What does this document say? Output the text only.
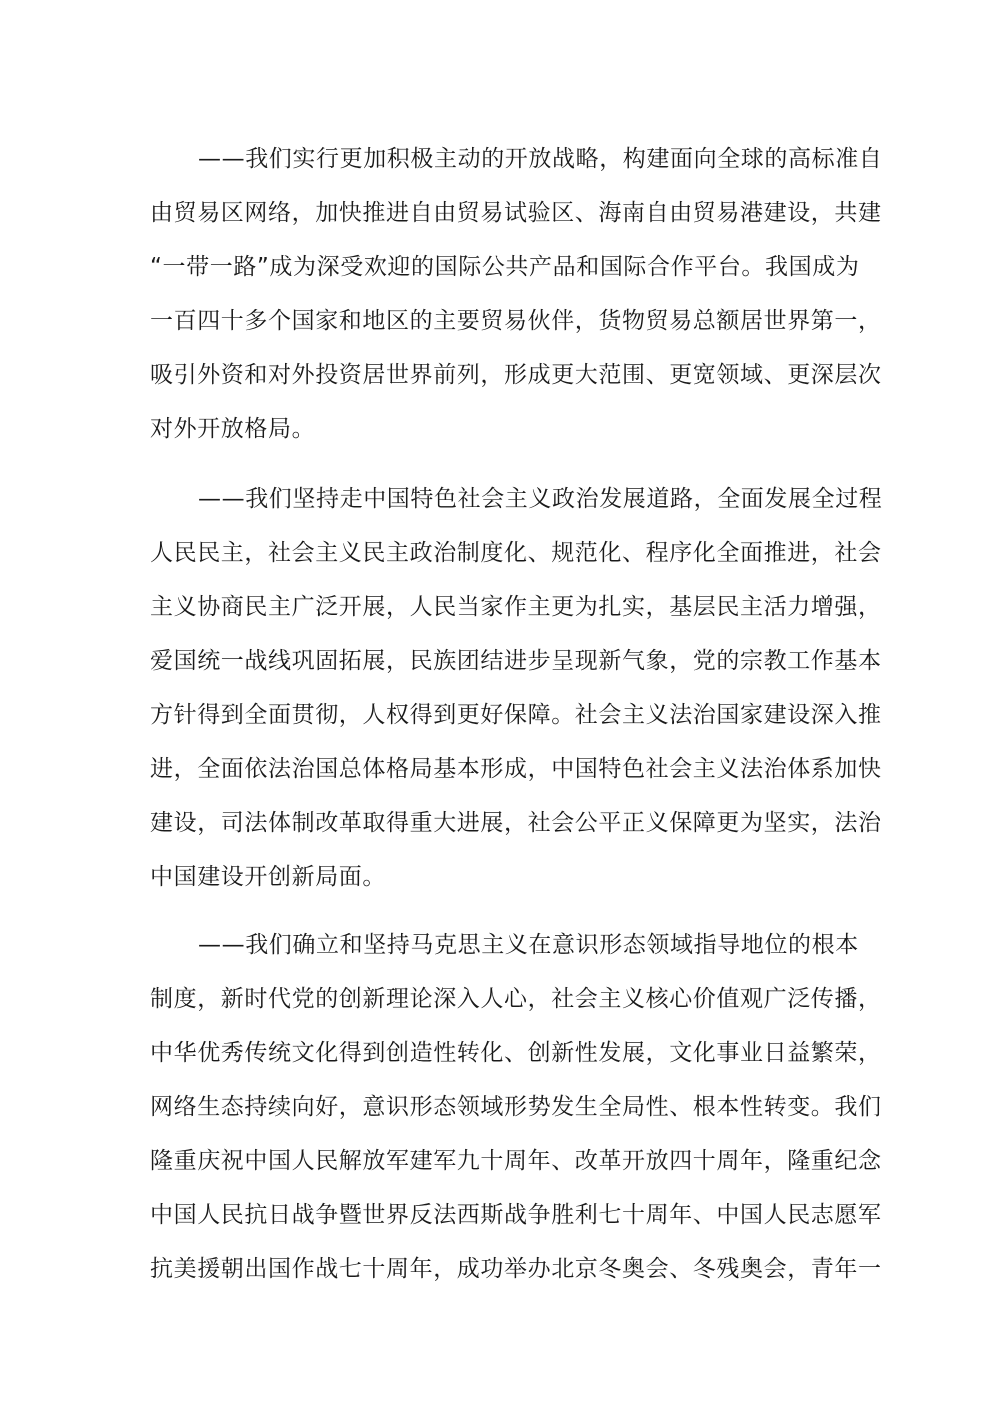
——我们实行更加积极主动的开放战略，构建面向全球的高标准自
由贸易区网络，加快推进自由贸易试验区、海南自由贸易港建设，共建
“一带一路”成为深受欢迎的国际公共产品和国际合作平台。我国成为
一百四十多个国家和地区的主要贸易伙伴，货物贸易总额居世界第一，
吸引外资和对外投资居世界前列，形成更大范围、更宽领域、更深层次
对外开放格局。
——我们坚持走中国特色社会主义政治发展道路，全面发展全过程
人民民主，社会主义民主政治制度化、规范化、程序化全面推进，社会
主义协商民主广泛开展，人民当家作主更为扎实，基层民主活力增强，
爱国统一战线巩固拓展，民族团结进步呈现新气象，党的宗教工作基本
方针得到全面贯彻，人权得到更好保障。社会主义法治国家建设深入推
进，全面依法治国总体格局基本形成，中国特色社会主义法治体系加快
建设，司法体制改革取得重大进展，社会公平正义保障更为坚实，法治
中国建设开创新局面。
——我们确立和坚持马克思主义在意识形态领域指导地位的根本
制度，新时代党的创新理论深入人心，社会主义核心价值观广泛传播，
中华优秀传统文化得到创造性转化、创新性发展，文化事业日益繁荣，
网络生态持续向好，意识形态领域形势发生全局性、根本性转变。我们
隆重庆祝中国人民解放军建军九十周年、改革开放四十周年，隆重纪念
中国人民抗日战争暨世界反法西斯战争胜利七十周年、中国人民志愿军
抗美援朝出国作战七十周年，成功举办北京冬奥会、冬残奥会，青年一
